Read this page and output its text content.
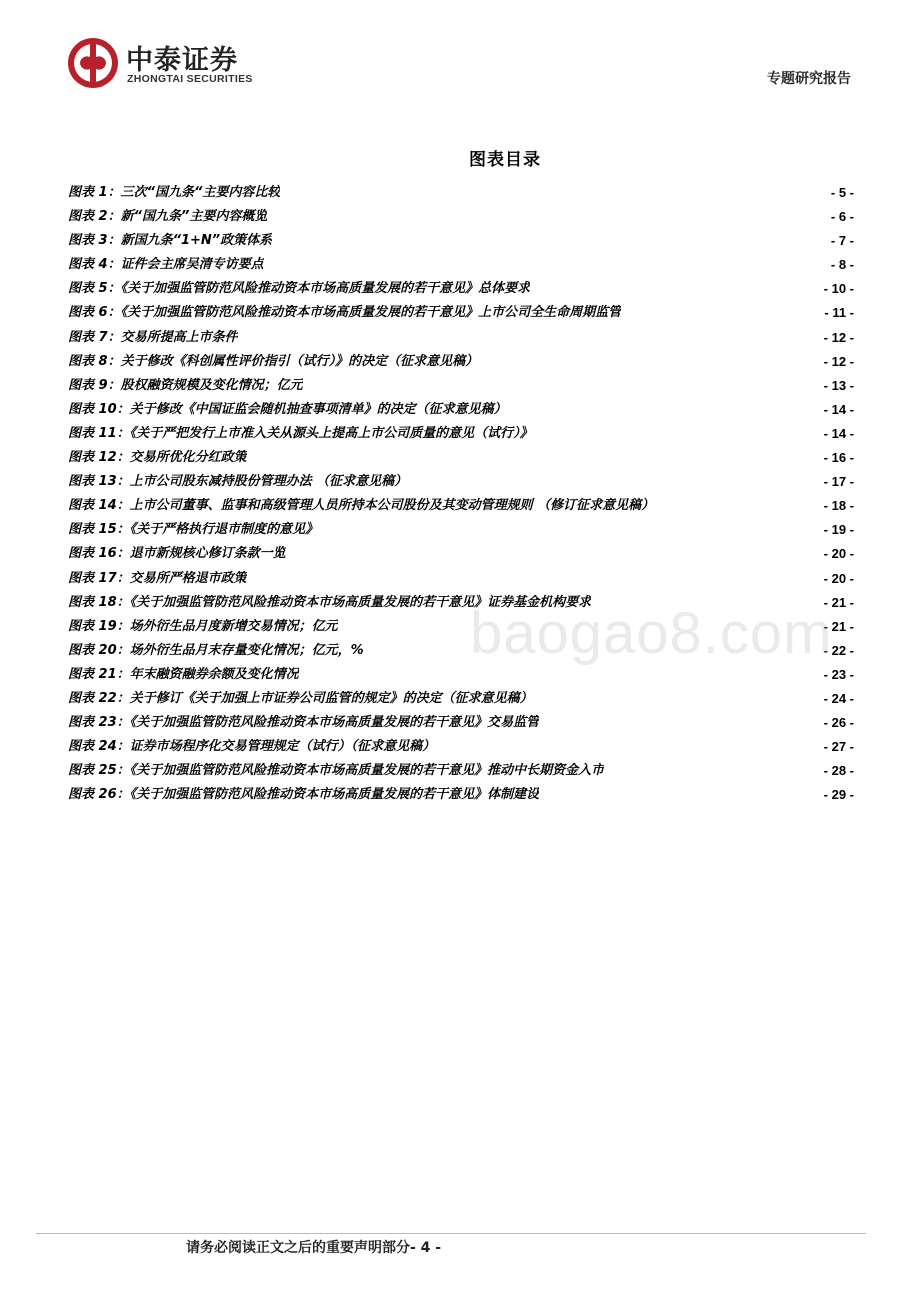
中泰证券
ZHONGTAI SECURITIES	专题研究报告
图表目录
图表 1：三次“国九条“主要内容比较	- 5 -
图表 2：新“国九条”主要内容概览	- 6 -
图表 3：新国九条“1+N”政策体系	- 7 -
图表 4：证件会主席吴清专访要点	- 8 -
图表 5：《关于加强监管防范风险推动资本市场高质量发展的若干意见》总体要求	- 10 -
图表 6：《关于加强监管防范风险推动资本市场高质量发展的若干意见》上市公司全生命周期监管	- 11 -
图表 7：交易所提高上市条件	- 12 -
图表 8：关于修改《科创属性评价指引（试行）》的决定（征求意见稿）	- 12 -
图表 9：股权融资规模及变化情况；亿元	- 13 -
图表 10：关于修改《中国证监会随机抽查事项清单》的决定（征求意见稿）	- 14 -
图表 11：《关于严把发行上市准入关从源头上提高上市公司质量的意见（试行）》	- 14 -
图表 12：交易所优化分红政策	- 16 -
图表 13：上市公司股东减持股份管理办法 （征求意见稿）	- 17 -
图表 14：上市公司董事、监事和高级管理人员所持本公司股份及其变动管理规则 （修订征求意见稿）	- 18 -
图表 15：《关于严格执行退市制度的意见》	- 19 -
图表 16：退市新规核心修订条款一览	- 20 -
图表 17：交易所严格退市政策	- 20 -
图表 18：《关于加强监管防范风险推动资本市场高质量发展的若干意见》证券基金机构要求	- 21 -
图表 19：场外衍生品月度新增交易情况；亿元	- 21 -
图表 20：场外衍生品月末存量变化情况；亿元，%	- 22 -
图表 21：年末融资融券余额及变化情况	- 23 -
图表 22：关于修订《关于加强上市证券公司监管的规定》的决定（征求意见稿）	- 24 -
图表 23：《关于加强监管防范风险推动资本市场高质量发展的若干意见》交易监管	- 26 -
图表 24：证券市场程序化交易管理规定（试行）（征求意见稿）	- 27 -
图表 25：《关于加强监管防范风险推动资本市场高质量发展的若干意见》推动中长期资金入市	- 28 -
图表 26：《关于加强监管防范风险推动资本市场高质量发展的若干意见》体制建设	- 29 -
baogao8.com
请务必阅读正文之后的重要声明部分- 4 -
